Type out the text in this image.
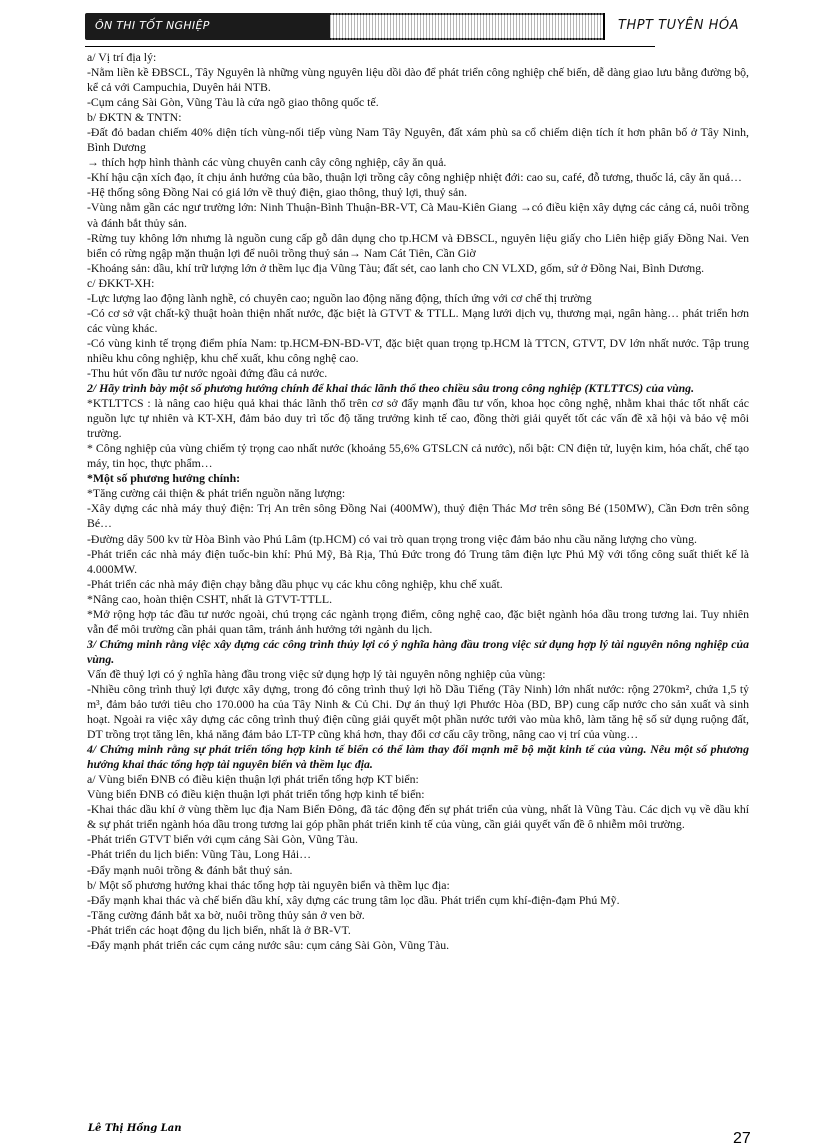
ÔN THI TỐT NGHIỆP	THPT TUYÊN HÓA

a/ Vị trí địa lý:

-Nằm liền kề ĐBSCL, Tây Nguyên là những vùng nguyên liệu dồi dào để phát triển công nghiệp chế biến, dễ dàng giao lưu bằng đường bộ, kể cả với Campuchia, Duyên hải NTB.

-Cụm cảng Sài Gòn, Vũng Tàu là cửa ngõ giao thông quốc tế.

b/ ĐKTN & TNTN:

-Đất đỏ badan chiếm 40% diện tích vùng-nối tiếp vùng Nam Tây Nguyên, đất xám phù sa cổ chiếm diện tích ít hơn phân bố ở Tây Ninh, Bình Dương

→ thích hợp hình thành các vùng chuyên canh cây công nghiệp, cây ăn quả.

-Khí hậu cận xích đạo, ít chịu ảnh hưởng của bão, thuận lợi trồng cây công nghiệp nhiệt đới: cao su, café, đỗ tương, thuốc lá, cây ăn quả…

-Hệ thống sông Đồng Nai có giá lớn về thuỷ điện, giao thông, thuỷ lợi, thuỷ sản.

-Vùng nằm gần các ngư trường lớn: Ninh Thuận-Bình Thuận-BR-VT, Cà Mau-Kiên Giang →có điều kiện xây dựng các cảng cá, nuôi trồng và đánh bắt thủy sản.

-Rừng tuy không lớn nhưng là nguồn cung cấp gỗ dân dụng cho tp.HCM và ĐBSCL, nguyên liệu giấy cho Liên hiệp giấy Đồng Nai. Ven biển có rừng ngập mặn thuận lợi để nuôi trồng thuỷ sản→ Nam Cát Tiên, Cần Giờ

-Khoáng sản: dầu, khí trữ lượng lớn ở thềm lục địa Vũng Tàu; đất sét, cao lanh cho CN VLXD, gốm, sứ ở Đồng Nai, Bình Dương.

c/ ĐKKT-XH:

-Lực lượng lao động lành nghề, có chuyên cao; nguồn lao động năng động, thích ứng với cơ chế thị trường

-Có cơ sở vật chất-kỹ thuật hoàn thiện nhất nước, đặc biệt là GTVT & TTLL. Mạng lưới dịch vụ, thương mại, ngân hàng… phát triển hơn các vùng khác.

-Có vùng kinh tế trọng điểm phía Nam: tp.HCM-ĐN-BD-VT, đặc biệt quan trọng tp.HCM là TTCN, GTVT, DV lớn nhất nước. Tập trung nhiều khu công nghiệp, khu chế xuất, khu công nghệ cao.

-Thu hút vốn đầu tư nước ngoài đứng đầu cả nước.

2/ Hãy trình bày một số phương hướng chính để khai thác lãnh thổ theo chiều sâu trong công nghiệp (KTLTTCS) của vùng.

*KTLTTCS : là nâng cao hiệu quả khai thác lãnh thổ trên cơ sở đẩy mạnh đầu tư vốn, khoa học công nghệ, nhằm khai thác tốt nhất các nguồn lực tự nhiên và KT-XH, đảm bảo duy trì tốc độ tăng trưởng kinh tế cao, đồng thời giải quyết tốt các vấn đề xã hội và bảo vệ môi trường.

* Công nghiệp của vùng chiếm tỷ trọng cao nhất nước (khoảng 55,6% GTSLCN cả nước), nổi bật: CN điện tử, luyện kim, hóa chất, chế tạo máy, tin học, thực phẩm…

*Một số phương hướng chính:

*Tăng cường cải thiện & phát triển nguồn năng lượng:

-Xây dựng các nhà máy thuỷ điện: Trị An trên sông Đồng Nai (400MW), thuỷ điện Thác Mơ trên sông Bé (150MW), Cần Đơn trên sông Bé…

-Đường dây 500 kv từ Hòa Bình vào Phú Lâm (tp.HCM) có vai trò quan trọng trong việc đảm bảo nhu cầu năng lượng cho vùng.

-Phát triển các nhà máy điện tuốc-bin khí: Phú Mỹ, Bà Rịa, Thủ Đức trong đó Trung tâm điện lực Phú Mỹ với tổng công suất thiết kế là 4.000MW.

-Phát triển các nhà máy điện chạy bằng dầu phục vụ các khu công nghiệp, khu chế xuất.

*Nâng cao, hoàn thiện CSHT, nhất là GTVT-TTLL.

*Mở rộng hợp tác đầu tư nước ngoài, chú trọng các ngành trọng điểm, công nghệ cao, đặc biệt ngành hóa dầu trong tương lai. Tuy nhiên vẫn để môi trường cần phải quan tâm, tránh ảnh hưởng tới ngành du lịch.

3/ Chứng minh rằng việc xây dựng các công trình thủy lợi có ý nghĩa hàng đầu trong việc sử dụng hợp lý tài nguyên nông nghiệp của vùng.

Vấn đề thuỷ lợi có ý nghĩa hàng đầu trong việc sử dụng hợp lý tài nguyên nông nghiệp của vùng:

-Nhiều công trình thuỷ lợi được xây dựng, trong đó công trình thuỷ lợi hồ Dầu Tiếng (Tây Ninh) lớn nhất nước: rộng 270km², chứa 1,5 tỷ m³, đảm bảo tưới tiêu cho 170.000 ha của Tây Ninh & Củ Chi. Dự án thuỷ lợi Phước Hòa (BD, BP) cung cấp nước cho sản xuất và sinh hoạt. Ngoài ra việc xây dựng các công trình thuỷ điện cũng giải quyết một phần nước tưới vào mùa khô, làm tăng hệ số sử dụng ruộng đất, DT trồng trọt tăng lên, khả năng đảm bảo LT-TP cũng khá hơn, thay đổi cơ cấu cây trồng, nâng cao vị trí của vùng…

4/ Chứng minh rằng sự phát triển tổng hợp kinh tế biển có thể làm thay đổi mạnh mẽ bộ mặt kinh tế của vùng. Nêu một số phương hướng khai thác tổng hợp tài nguyên biển và thềm lục địa.

a/ Vùng biển ĐNB có điều kiện thuận lợi phát triển tổng hợp KT biển:

Vùng biển ĐNB có điều kiện thuận lợi phát triển tổng hợp kinh tế biển:

-Khai thác dầu khí ở vùng thềm lục địa Nam Biển Đông, đã tác động đến sự phát triển của vùng, nhất là Vũng Tàu. Các dịch vụ về dầu khí & sự phát triển ngành hóa dầu trong tương lai góp phần phát triển kinh tế của vùng, cần giải quyết vấn đề ô nhiễm môi trường.

-Phát triển GTVT biển với cụm cảng Sài Gòn, Vũng Tàu.

-Phát triển du lịch biển: Vũng Tàu, Long Hải…

-Đẩy mạnh nuôi trồng & đánh bắt thuỷ sản.

b/ Một số phương hướng khai thác tổng hợp tài nguyên biển và thềm lục địa:

-Đẩy mạnh khai thác và chế biến dầu khí, xây dựng các trung tâm lọc dầu. Phát triển cụm khí-điện-đạm Phú Mỹ.

-Tăng cường đánh bắt xa bờ, nuôi trồng thủy sản ở ven bờ.

-Phát triển các hoạt động du lịch biển, nhất là ở BR-VT.

-Đẩy mạnh phát triển các cụm cảng nước sâu: cụm cảng Sài Gòn, Vũng Tàu.

Lê Thị Hồng Lan
27
